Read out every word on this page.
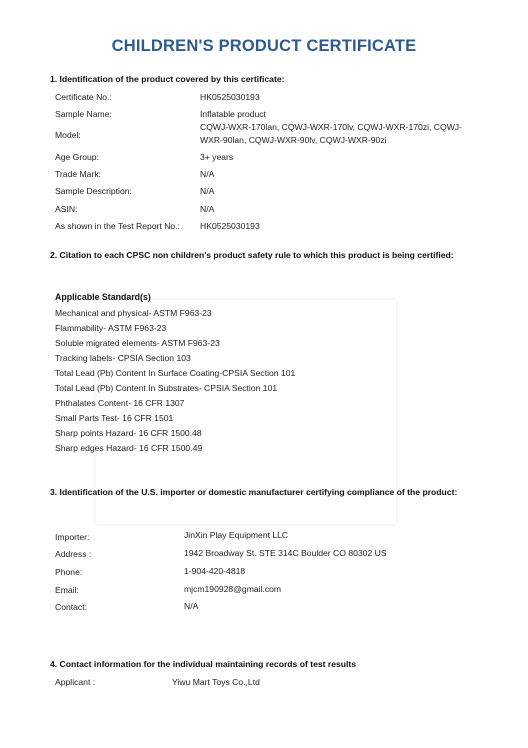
CHILDREN'S PRODUCT CERTIFICATE
1. Identification of the product covered by this certificate:
Certificate No.:	HK0525030193
Sample Name:	Inflatable product
Model:
CQWJ-WXR-170lan, CQWJ-WXR-170lv, CQWJ-WXR-170zi, CQWJ-WXR-90lan, CQWJ-WXR-90lv, CQWJ-WXR-90zi
Age Group:	3+ years
Trade Mark:	N/A
Sample Description:	N/A
ASIN:	N/A
As shown in the Test Report No.: HK0525030193
2. Citation to each CPSC non children's product safety rule to which this product is being certified:
Applicable Standard(s)
Mechanical and physical- ASTM F963-23
Flammability- ASTM F963-23
Soluble migrated elements- ASTM F963-23
Tracking labels- CPSIA Section 103
Total Lead (Pb) Content In Surface Coating-CPSIA Section 101
Total Lead (Pb) Content In Substrates- CPSIA Section 101
Phthalates Content- 16 CFR 1307
Small Parts Test- 16 CFR 1501
Sharp points Hazard- 16 CFR 1500.48
Sharp edges Hazard- 16 CFR 1500.49
3. Identification of the U.S. importer or domestic manufacturer certifying compliance of the product:
Importer:	JinXin Play Equipment LLC
Address :	1942 Broadway St. STE 314C Boulder CO 80302 US
Phone:	1-904-420-4818
Email:	mjcm190928@gmail.com
Contact:	N/A
4. Contact information for the individual maintaining records of test results
Applicant :	Yiwu Mart Toys Co.,Ltd
